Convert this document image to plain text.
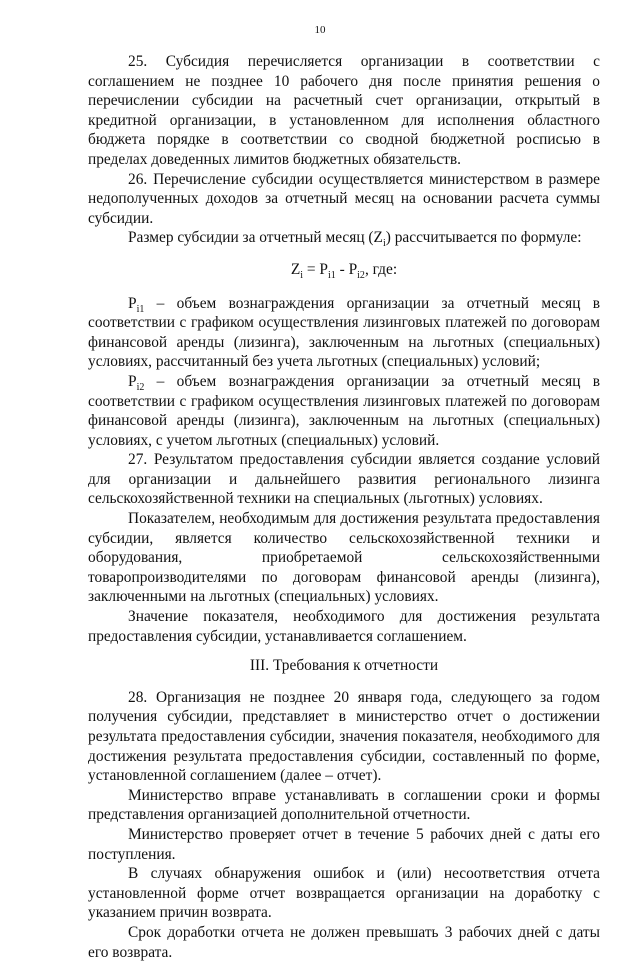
10

25. Субсидия перечисляется организации в соответствии с соглашением не позднее 10 рабочего дня после принятия решения о перечислении субсидии на расчетный счет организации, открытый в кредитной организации, в установленном для исполнения областного бюджета порядке в соответствии со сводной бюджетной росписью в пределах доведенных лимитов бюджетных обязательств.

26. Перечисление субсидии осуществляется министерством в размере недополученных доходов за отчетный месяц на основании расчета суммы субсидии.

Размер субсидии за отчетный месяц $(Z_i)$ рассчитывается по формуле:

$Z_i = P_{i1} - P_{i2}$, где:

$P_{i1}$ – объем вознаграждения организации за отчетный месяц в соответствии с графиком осуществления лизинговых платежей по договорам финансовой аренды (лизинга), заключенным на льготных (специальных) условиях, рассчитанный без учета льготных (специальных) условий;

$P_{i2}$ – объем вознаграждения организации за отчетный месяц в соответствии с графиком осуществления лизинговых платежей по договорам финансовой аренды (лизинга), заключенным на льготных (специальных) условиях, с учетом льготных (специальных) условий.

27. Результатом предоставления субсидии является создание условий для организации и дальнейшего развития регионального лизинга сельскохозяйственной техники на специальных (льготных) условиях.

Показателем, необходимым для достижения результата предоставления субсидии, является количество сельскохозяйственной техники и оборудования, приобретаемой сельскохозяйственными товаропроизводителями по договорам финансовой аренды (лизинга), заключенными на льготных (специальных) условиях.

Значение показателя, необходимого для достижения результата предоставления субсидии, устанавливается соглашением.

III. Требования к отчетности

28. Организация не позднее 20 января года, следующего за годом получения субсидии, представляет в министерство отчет о достижении результата предоставления субсидии, значения показателя, необходимого для достижения результата предоставления субсидии, составленный по форме, установленной соглашением (далее – отчет).

Министерство вправе устанавливать в соглашении сроки и формы представления организацией дополнительной отчетности.

Министерство проверяет отчет в течение 5 рабочих дней с даты его поступления.

В случаях обнаружения ошибок и (или) несоответствия отчета установленной форме отчет возвращается организации на доработку с указанием причин возврата.

Срок доработки отчета не должен превышать 3 рабочих дней с даты его возврата.
